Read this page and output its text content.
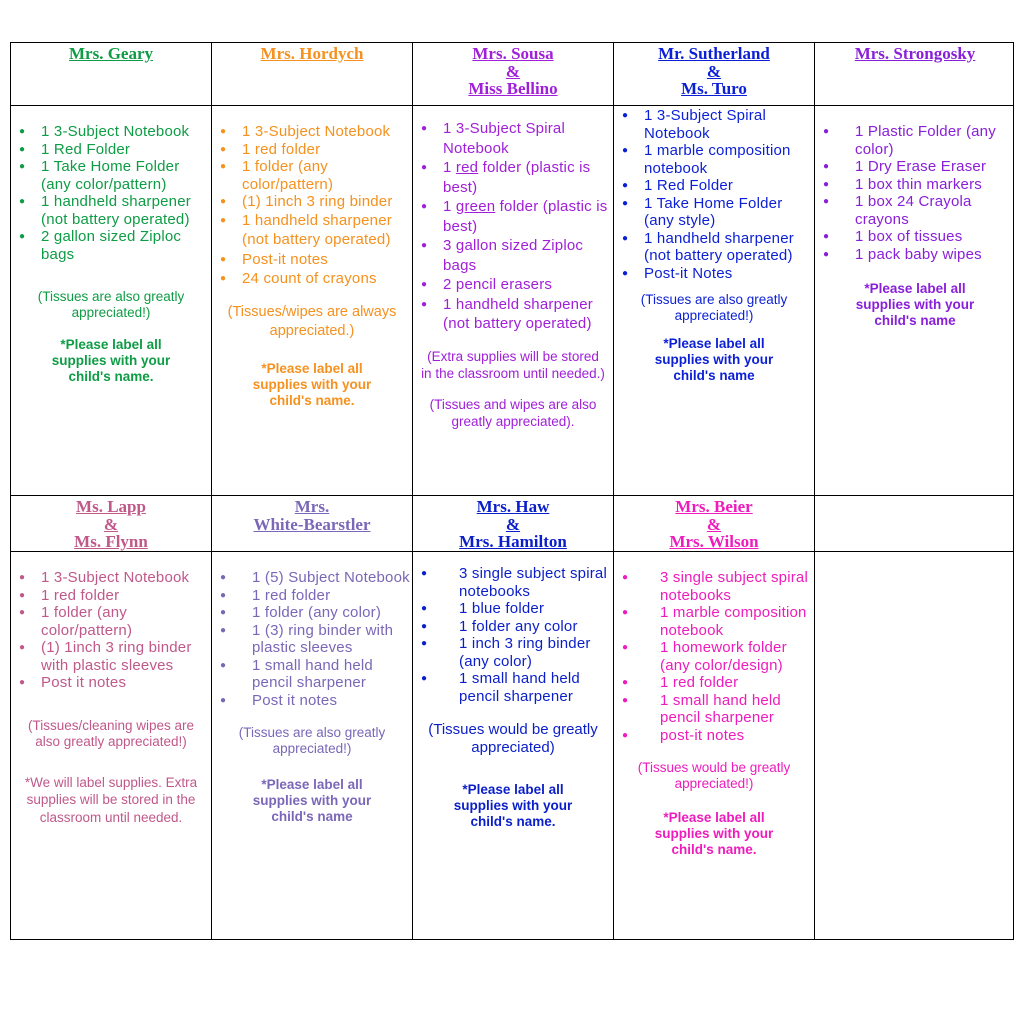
Mrs. Geary	Mrs. Hordych	Mrs. Sousa
&
Miss Bellino
Mr. Sutherland
&
Ms. Turo
Mrs. Strongosky
● 1 3-Subject Notebook
● 1 Red Folder
● 1 Take Home Folder (any color/pattern)
● 1 handheld sharpener (not battery operated)
● 2 gallon sized Ziploc bags
(Tissues are also greatly appreciated!)
*Please label all supplies with your child's name.
● 1 3-Subject Notebook
● 1 red folder
● 1 folder (any color/pattern)
● (1) 1inch 3 ring binder
● 1 handheld sharpener (not battery operated)
● Post-it notes
● 24 count of crayons
(Tissues/wipes are always appreciated.)
*Please label all supplies with your child's name.
● 1 3-Subject Spiral Notebook
● 1 red folder (plastic is best)
● 1 green folder (plastic is best)
● 3 gallon sized Ziploc bags
● 2 pencil erasers
● 1 handheld sharpener (not battery operated)
(Extra supplies will be stored in the classroom until needed.)
(Tissues and wipes are also greatly appreciated).
● 1 3-Subject Spiral Notebook
● 1 marble composition notebook
● 1 Red Folder
● 1 Take Home Folder (any style)
● 1 handheld sharpener (not battery operated)
● Post-it Notes
(Tissues are also greatly appreciated!)
*Please label all supplies with your child's name
● 1 Plastic Folder (any color)
● 1 Dry Erase Eraser
● 1 box thin markers
● 1 box 24 Crayola crayons
● 1 box of tissues
● 1 pack baby wipes
*Please label all supplies with your child's name
Ms. Lapp
&
Ms. Flynn
Mrs.
White-Bearstler
Mrs. Haw
&
Mrs. Hamilton
Mrs. Beier
&
Mrs. Wilson
● 1 3-Subject Notebook
● 1 red folder
● 1 folder (any color/pattern)
● (1) 1inch 3 ring binder with plastic sleeves
● Post it notes
(Tissues/cleaning wipes are also greatly appreciated!)
*We will label supplies. Extra supplies will be stored in the classroom until needed.
● 1 (5) Subject Notebook
● 1 red folder
● 1 folder (any color)
● 1 (3) ring binder with plastic sleeves
● 1 small hand held pencil sharpener
● Post it notes
(Tissues are also greatly appreciated!)
*Please label all supplies with your child's name
● 3 single subject spiral notebooks
● 1 blue folder
● 1 folder any color
● 1 inch 3 ring binder (any color)
● 1 small hand held pencil sharpener
(Tissues would be greatly appreciated)
*Please label all supplies with your child's name.
● 3 single subject spiral notebooks
● 1 marble composition notebook
● 1 homework folder (any color/design)
● 1 red folder
● 1 small hand held pencil sharpener
● post-it notes
(Tissues would be greatly appreciated!)
*Please label all supplies with your child's name.
